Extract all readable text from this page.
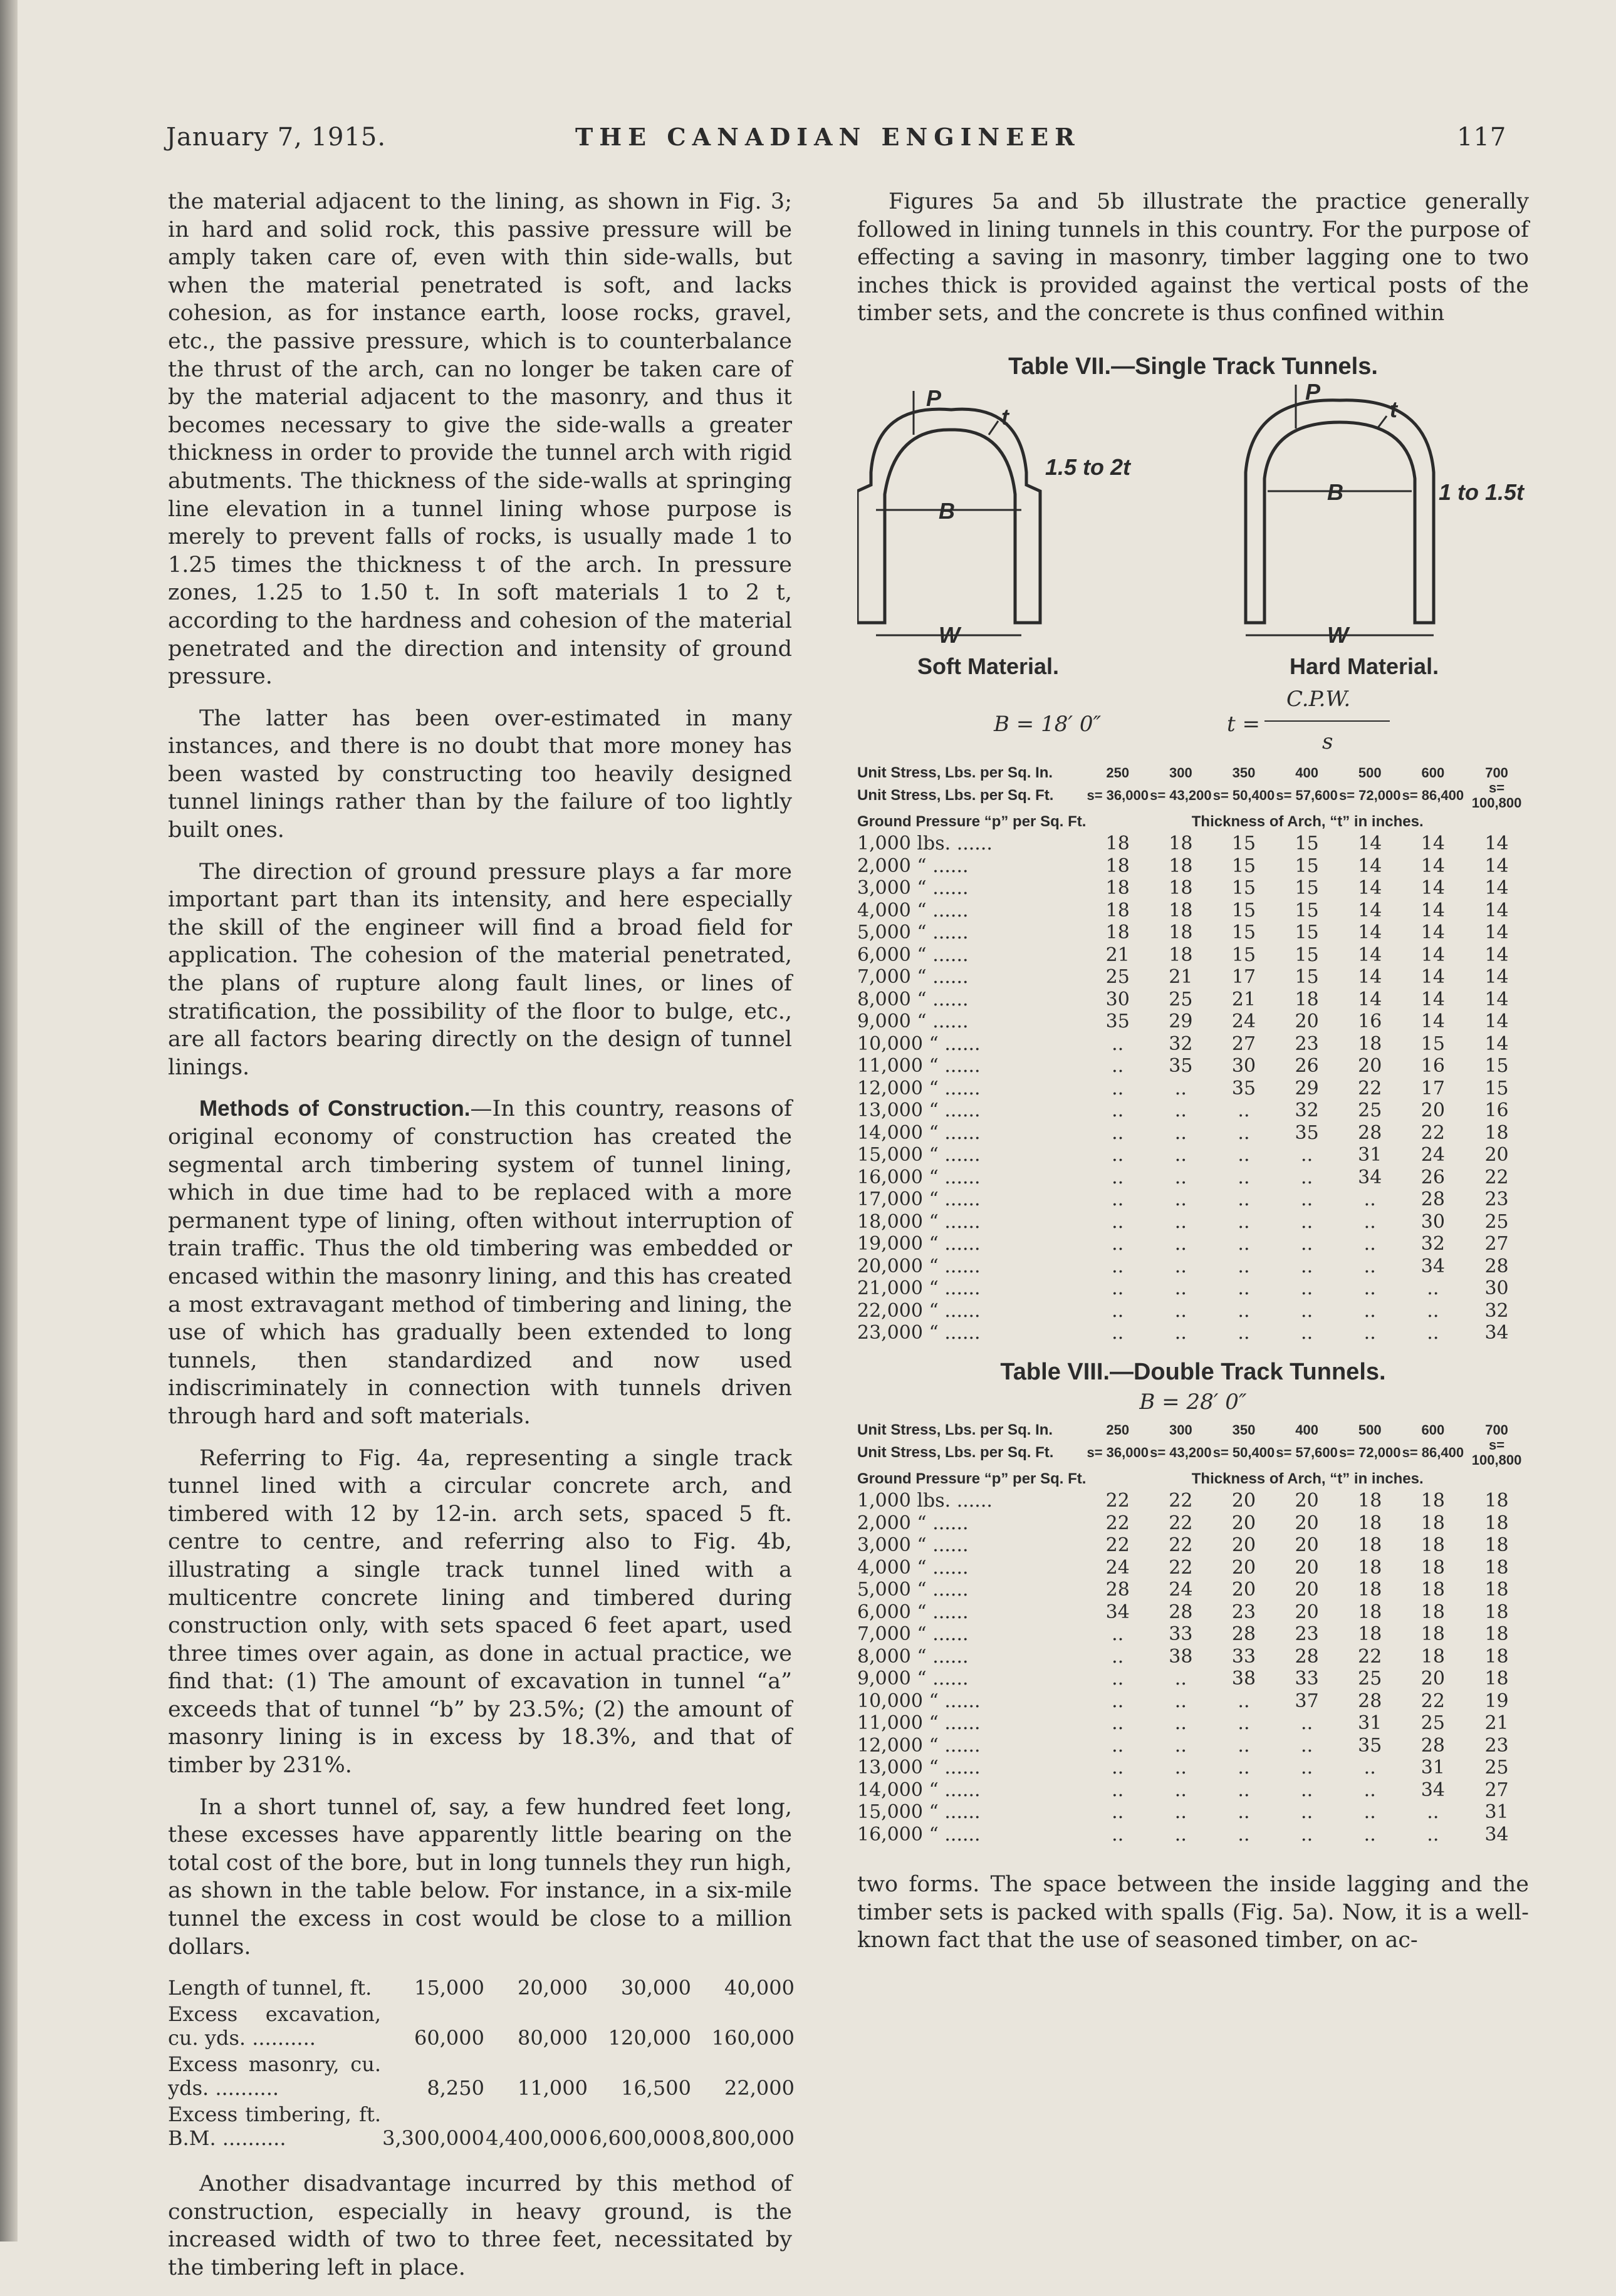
January 7, 1915.	THE CANADIAN ENGINEER	117

the material adjacent to the lining, as shown in Fig. 3; in hard and solid rock, this passive pressure will be amply taken care of, even with thin side-walls, but when the material penetrated is soft, and lacks cohesion, as for instance earth, loose rocks, gravel, etc., the passive pressure, which is to counterbalance the thrust of the arch, can no longer be taken care of by the material adjacent to the masonry, and thus it becomes necessary to give the side-walls a greater thickness in order to provide the tunnel arch with rigid abutments. The thickness of the side-walls at springing line elevation in a tunnel lining whose purpose is merely to prevent falls of rocks, is usually made 1 to 1.25 times the thickness t of the arch. In pressure zones, 1.25 to 1.50 t. In soft materials 1 to 2 t, according to the hardness and cohesion of the material penetrated and the direction and intensity of ground pressure.

The latter has been over-estimated in many instances, and there is no doubt that more money has been wasted by constructing too heavily designed tunnel linings rather than by the failure of too lightly built ones.

The direction of ground pressure plays a far more important part than its intensity, and here especially the skill of the engineer will find a broad field for application. The cohesion of the material penetrated, the plans of rupture along fault lines, or lines of stratification, the possibility of the floor to bulge, etc., are all factors bearing directly on the design of tunnel linings.

Methods of Construction.—In this country, reasons of original economy of construction has created the segmental arch timbering system of tunnel lining, which in due time had to be replaced with a more permanent type of lining, often without interruption of train traffic. Thus the old timbering was embedded or encased within the masonry lining, and this has created a most extravagant method of timbering and lining, the use of which has gradually been extended to long tunnels, then standardized and now used indiscriminately in connection with tunnels driven through hard and soft materials.

Referring to Fig. 4a, representing a single track tunnel lined with a circular concrete arch, and timbered with 12 by 12-in. arch sets, spaced 5 ft. centre to centre, and referring also to Fig. 4b, illustrating a single track tunnel lined with a multicentre concrete lining and timbered during construction only, with sets spaced 6 feet apart, used three times over again, as done in actual practice, we find that: (1) The amount of excavation in tunnel “a” exceeds that of tunnel “b” by 23.5%; (2) the amount of masonry lining is in excess by 18.3%, and that of timber by 231%.

In a short tunnel of, say, a few hundred feet long, these excesses have apparently little bearing on the total cost of the bore, but in long tunnels they run high, as shown in the table below. For instance, in a six-mile tunnel the excess in cost would be close to a million dollars.

Length of tunnel, ft.	15,000	20,000	30,000	40,000
Excess excavation, cu. yds. ..........	60,000	80,000	120,000	160,000
Excess masonry, cu. yds. ..........	8,250	11,000	16,500	22,000
Excess timbering, ft. B.M. ..........	3,300,000	4,400,000	6,600,000	8,800,000

Another disadvantage incurred by this method of construction, especially in heavy ground, is the increased width of two to three feet, necessitated by the timbering left in place.

Figures 5a and 5b illustrate the practice generally followed in lining tunnels in this country. For the purpose of effecting a saving in masonry, timber lagging one to two inches thick is provided against the vertical posts of the timber sets, and the concrete is thus confined within

Table VII.—Single Track Tunnels.
P
t
B
W
1.5 to 2t
Soft Material.
P
t
B
W
1 to 1.5t
Hard Material.
B = 18′ 0″	t =
C.P.W.
s
Unit Stress, Lbs. per Sq. In.	250	300	350	400	500	600	700
Unit Stress, Lbs. per Sq. Ft.	s= 36,000	s= 43,200	s= 50,400	s= 57,600	s= 72,000	s= 86,400	s= 100,800
Ground Pressure “p” per Sq. Ft.	Thickness of Arch, “t” in inches.						
1,000 lbs. ......	18	18	15	15	14	14	14
2,000 “ ......	18	18	15	15	14	14	14
3,000 “ ......	18	18	15	15	14	14	14
4,000 “ ......	18	18	15	15	14	14	14
5,000 “ ......	18	18	15	15	14	14	14
6,000 “ ......	21	18	15	15	14	14	14
7,000 “ ......	25	21	17	15	14	14	14
8,000 “ ......	30	25	21	18	14	14	14
9,000 “ ......	35	29	24	20	16	14	14
10,000 “ ......	..	32	27	23	18	15	14
11,000 “ ......	..	35	30	26	20	16	15
12,000 “ ......	..	..	35	29	22	17	15
13,000 “ ......	..	..	..	32	25	20	16
14,000 “ ......	..	..	..	35	28	22	18
15,000 “ ......	..	..	..	..	31	24	20
16,000 “ ......	..	..	..	..	34	26	22
17,000 “ ......	..	..	..	..	..	28	23
18,000 “ ......	..	..	..	..	..	30	25
19,000 “ ......	..	..	..	..	..	32	27
20,000 “ ......	..	..	..	..	..	34	28
21,000 “ ......	..	..	..	..	..	..	30
22,000 “ ......	..	..	..	..	..	..	32
23,000 “ ......	..	..	..	..	..	..	34
Table VIII.—Double Track Tunnels.
B = 28′ 0″
Unit Stress, Lbs. per Sq. In.	250	300	350	400	500	600	700
Unit Stress, Lbs. per Sq. Ft.	s= 36,000	s= 43,200	s= 50,400	s= 57,600	s= 72,000	s= 86,400	s= 100,800
Ground Pressure “p” per Sq. Ft.	Thickness of Arch, “t” in inches.						
1,000 lbs. ......	22	22	20	20	18	18	18
2,000 “ ......	22	22	20	20	18	18	18
3,000 “ ......	22	22	20	20	18	18	18
4,000 “ ......	24	22	20	20	18	18	18
5,000 “ ......	28	24	20	20	18	18	18
6,000 “ ......	34	28	23	20	18	18	18
7,000 “ ......	..	33	28	23	18	18	18
8,000 “ ......	..	38	33	28	22	18	18
9,000 “ ......	..	..	38	33	25	20	18
10,000 “ ......	..	..	..	37	28	22	19
11,000 “ ......	..	..	..	..	31	25	21
12,000 “ ......	..	..	..	..	35	28	23
13,000 “ ......	..	..	..	..	..	31	25
14,000 “ ......	..	..	..	..	..	34	27
15,000 “ ......	..	..	..	..	..	..	31
16,000 “ ......	..	..	..	..	..	..	34

two forms. The space between the inside lagging and the timber sets is packed with spalls (Fig. 5a). Now, it is a well-known fact that the use of seasoned timber, on ac-
